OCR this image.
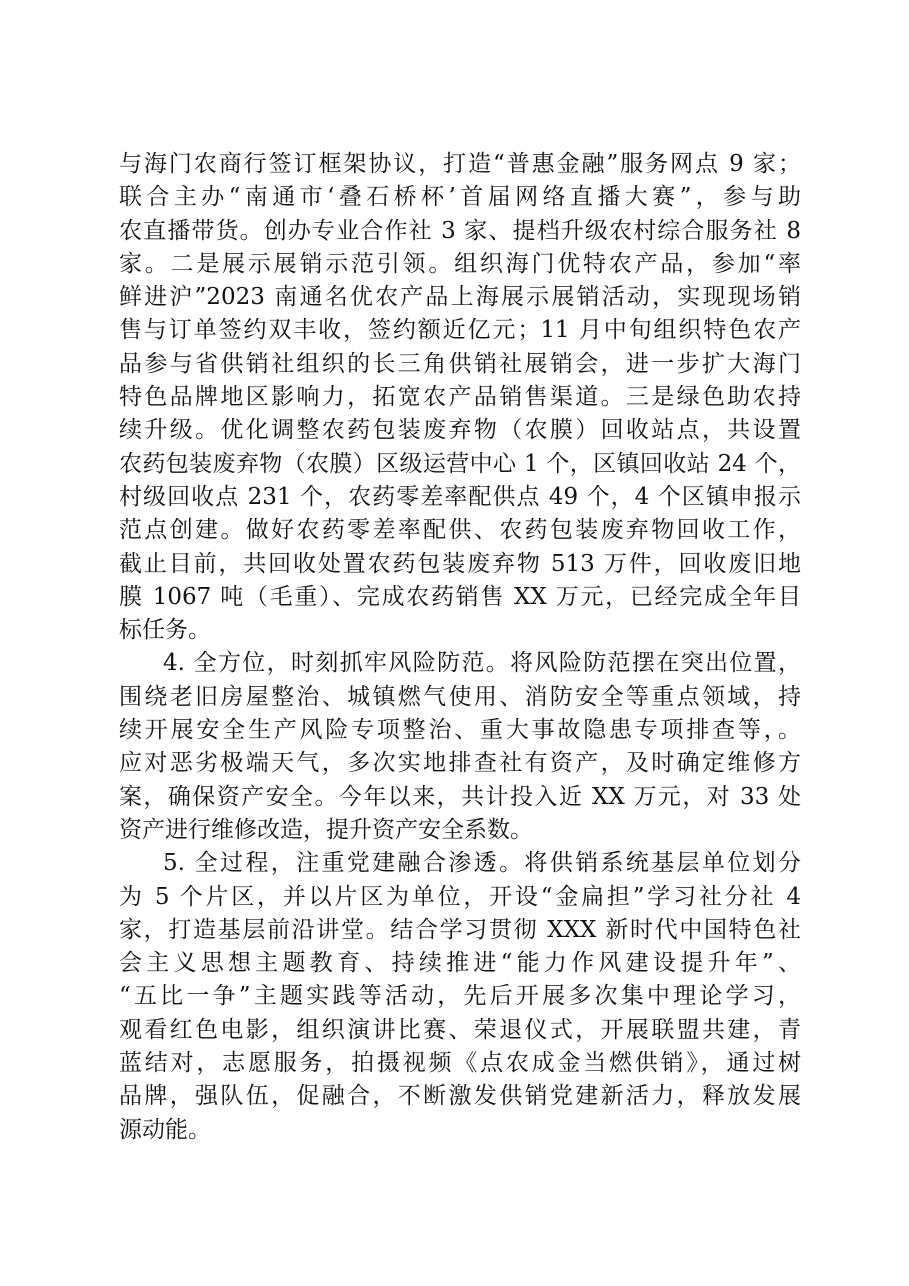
与海门农商行签订框架协议，打造“普惠金融”服务网点 9 家；
联合主办“南通市‘叠石桥杯’首届网络直播大赛”，参与助
农直播带货。创办专业合作社 3 家、提档升级农村综合服务社 8
家。二是展示展销示范引领。组织海门优特农产品，参加“率
鲜进沪”2023 南通名优农产品上海展示展销活动，实现现场销
售与订单签约双丰收，签约额近亿元；11 月中旬组织特色农产
品参与省供销社组织的长三角供销社展销会，进一步扩大海门
特色品牌地区影响力，拓宽农产品销售渠道。三是绿色助农持
续升级。优化调整农药包装废弃物（农膜）回收站点，共设置
农药包装废弃物（农膜）区级运营中心 1 个，区镇回收站 24 个，
村级回收点 231 个，农药零差率配供点 49 个，4 个区镇申报示
范点创建。做好农药零差率配供、农药包装废弃物回收工作，
截止目前，共回收处置农药包装废弃物 513 万件，回收废旧地
膜 1067 吨（毛重）、完成农药销售 XX 万元，已经完成全年目
标任务。
4. 全方位，时刻抓牢风险防范。将风险防范摆在突出位置，
围绕老旧房屋整治、城镇燃气使用、消防安全等重点领域，持
续开展安全生产风险专项整治、重大事故隐患专项排查等，。
应对恶劣极端天气，多次实地排查社有资产，及时确定维修方
案，确保资产安全。今年以来，共计投入近 XX 万元，对 33 处
资产进行维修改造，提升资产安全系数。
5. 全过程，注重党建融合渗透。将供销系统基层单位划分
为 5 个片区，并以片区为单位，开设“金扁担”学习社分社 4
家，打造基层前沿讲堂。结合学习贯彻 XXX 新时代中国特色社
会主义思想主题教育、持续推进“能力作风建设提升年”、
“五比一争”主题实践等活动，先后开展多次集中理论学习，
观看红色电影，组织演讲比赛、荣退仪式，开展联盟共建，青
蓝结对，志愿服务，拍摄视频《点农成金当燃供销》，通过树
品牌，强队伍，促融合，不断激发供销党建新活力，释放发展
源动能。
